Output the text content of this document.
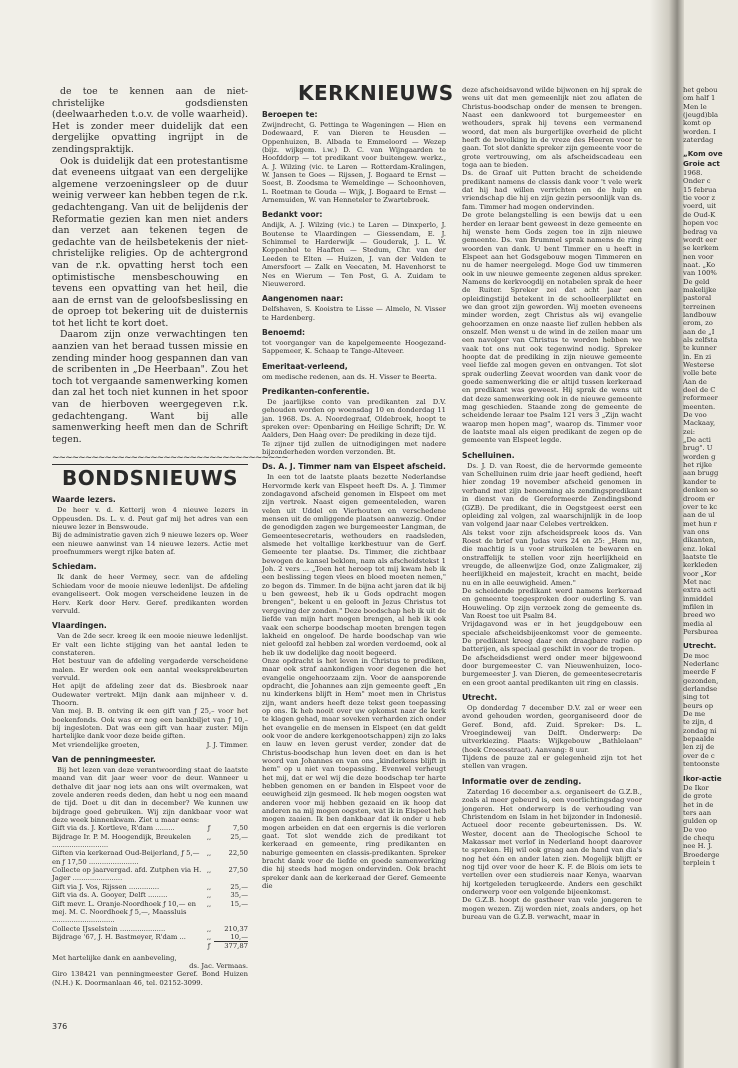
de toe te kennen aan de niet-christelijke godsdiensten (deelwaarheden t.o.v. de volle waarheid). Het is zonder meer duidelijk dat een dergelijke opvatting ingrijpt in de zendingspraktijk.

Ook is duidelijk dat een protestantisme dat eveneens uitgaat van een dergelijke algemene verzoeningsleer op de duur weinig verweer kan hebben tegen de r.k. gedachtengang. Van uit de belijdenis der Reformatie gezien kan men niet anders dan verzet aan tekenen tegen de gedachte van de heilsbetekenis der niet-christelijke religies. Op de achtergrond van de r.k. opvatting herst toch een optimistische mensbeschouwing en tevens een opvatting van het heil, die aan de ernst van de geloofsbeslissing en de oproep tot bekering uit de duisternis tot het licht te kort doet.

Daarom zijn onze verwachtingen ten aanzien van het beraad tussen missie en zending minder hoog gespannen dan van de scribenten in „De Heerbaan". Zou het toch tot vergaande samenwerking komen dan zal het toch niet kunnen in het spoor van de hierboven weergegeven r.k. gedachtengang. Want bij alle samenwerking heeft men dan de Schrift tegen.

~~~~~~~~~~~~~~~~~~~~~~~~~~~~~~~~~~~~
BONDSNIEUWS
Waarde lezers.

De heer v. d. Ketterij won 4 nieuwe lezers in Oppeusden. Ds. L. v. d. Peut gaf mij het adres van een nieuwe lezer in Benswoude.
Bij de administratie gaven zich 9 nieuwe lezers op. Weer een nieuwe aanwinst van 14 nieuwe lezers. Actie met proefnummers wergt rijke baten af.

Schiedam.

Ik dank de heer Vermey, secr. van de afdeling Schiedam voor de mooie nieuwe ledenlijst. De afdeling evangeliseert. Ook mogen verscheidene leuzen in de Herv. Kerk door Herv. Geref. predikanten worden vervuld.

Vlaardingen.

Van de 2de secr. kreeg ik een mooie nieuwe ledenlijst. Er valt een lichte stijging van het aantal leden te constateren.
Het bestuur van de afdeling vergaderde verscheidene malen. Er werden ook een aantal weeksprekbeurten vervuld.
Het apijt de afdeling zeer dat ds. Biesbroek naar Oudewater vertrekt. Mijn dank aan mijnheer v. d. Thoorn.
Van mej. B. B. ontving ik een gift van ƒ 25,– voor het boekenfonds. Ook was er nog een bankbiljet van ƒ 10,– bij ingesloten. Dat was een gift van haar zuster. Mijn hartelijke dank voor deze beide giften.

Met vriendelijke groeten,	J. J. Timmer.
Van de penningmeester.

Bij het lezen van deze verantwoording staat de laatste maand van dit jaar weer voor de deur. Wanneer u dethalve dit jaar nog iets aan ons wilt overmaken, wat zovele anderen reeds deden, dan hebt u nog een maand de tijd. Doet u dit dan in december? We kunnen uw bijdrage goed gebruiken. Wij zijn dankbaar voor wat deze week binnenkwam. Ziet u maar eens:

Gift via ds. J. Kortleve, R'dam .........	ƒ	7,50
Bijdrage Ir. P. M. Hoogendijk, Breukelen ..........................	,,	25,—
Giften via kerkeraad Oud-Beijerland, ƒ 5,— en ƒ 17,50 .......................	,,	22,50
Collecte op jaarvergad. afd. Zutphen via H. Jager .......................	,,	27,50
Gift via J. Vos, Rijssen ..............	,,	25,—
Gift via ds. A. Gooyer, Delft .........	,,	35,—
Gift mevr. L. Oranje-Noordhoek ƒ 10,— en mej. M. C. Noordhoek ƒ 5,—, Maassluis .............................	,,	15,—
Collecte IJsselstein .....................	,,	210,37
Bijdrage '67, J. H. Bastmeyer, R'dam ...	,,	10,—
	ƒ	377,87

Met hartelijke dank en aanbeveling,

ds. Jac. Vermaas.

Giro 138421 van penningmeester Geref. Bond Huizen (N.H.) K. Doormanlaan 46, tel. 02152-3099.

376
KERKNIEUWS
Beroepen te:

Zwijndrecht, G. Pettinga te Wageningen — Hien en Dodewaard, F. van Dieren te Heusden — Oppenhuizen, B. Albada te Emmeloord — Wezep (bijz. wijkgem. i.w.) D. C. van Wijngaarden te Hoofddorp — tot predikant voor buitengew. werkz., A. J. Wilzing (vic. te Laren — Rotterdam-Kralingen, W. Jansen te Goes — Rijssen, J. Bogaard te Ernst — Soest, B. Zoodsma te Wemeldinge — Schoonhoven, L. Roetman te Gouda — Wijk, J. Bogaard te Ernst — Arnemuiden, W. van Henneteler te Zwartebroek.

Bedankt voor:

Andijk, A. J. Wilzing (vic.) te Laren — Dinxperlo, J. Boutense te Vlaardingen — Giessendam, E. J. Schimmel te Harderwijk — Gouderak, J. L. W. Koppenhol te Haaften — Stedum, Chr. van der Leeden te Elten — Huizen, J. van der Velden te Amersfoort — Zalk en Veecaten, M. Havenhorst te Nes en Wierum — Ten Post, G. A. Zuidam te Nieuwerord.

Aangenomen naar:

Delfshaven, S. Kooistra te Lisse — Almelo, N. Visser te Hardenberg.

Benoemd:

tot voorganger van de kapelgemeente Hoogezand-Sappemeer, K. Schaap te Tange-Alteveer.

Emeritaat-verleend,

om medische redenen, aan ds. H. Visser te Beerta.

Predikanten-conferentie.

De jaarlijkse conto van predikanten zal D.V. gehouden worden op woensdag 10 en donderdag 11 jan. 1968. Ds. A. Noordegraaf, Oldebroek, hoopt te spreken over: Openbaring en Heilige Schrift; Dr. W. Aalders, Den Haag over: De prediking in deze tijd.
Te zijner tijd zullen de uitnodigingen met nadere bijzonderheden worden verzonden. Bt.

Ds. A. J. Timmer nam van Elspeet afscheid.

In een tot de laatste plaats bezette Nederlandse Hervormde kerk van Elspeet heeft Ds. A. J. Timmer zondagavond afscheid genomen in Elspeet om met zijn vertrek. Naast eigen gemeenteleden, waren velen uit Uddel en Vierhouten en verschedene mensen uit de omliggende plaatsen aanwezig. Onder de genodigden zagen we burgemeester Langman, de Gemeentesecretaris, wethouders en raadsleden, alsmede het voltallige kerkbestuur van de Gerf. Gemeente ter plaatse. Ds. Timmer, die zichtbaar bewogen de kansel beklom, nam als afscheidstekst 1 Joh. 2 vers ... „Toen het heroep tot mij kwam heb ik een beslissing tegen vlees en bloed moeten nemen," zo begon ds. Timmer. In de bijna acht jaren dat ik bij u ben geweest, heb ik u Gods opdracht mogen brengen", bekent u en gelooft in Jezus Christus tot vergeving der zonden." Deze boodschap heb ik uit de liefde van mijn hart mogen brengen, al heb ik ook vaak een scherpe boodschap moeten brengen tegen lakheid en ongeloof. De harde boodschap van wie niet geloofd zal hebben zal worden verdoemd, ook al heb ik uw dodelijke dag nooit begeerd.
Onze opdracht is het leven in Christus te prediken, maar ook straf aankondigen voor degenen die het evangelie ongehoorzaam zijn. Voor de aansporende opdracht, die Johannes aan zijn gemeente geeft „En nu kinderkens blijft in Hem" moet men in Christus zijn, want anders heeft deze tekst geen toepassing op ons. Ik heb nooit over uw opkomst naar de kerk te klagen gehad, maar soveken verharden zich onder het evangelie en de mensen in Elspeet (en dat geldt ook voor de andere kerkgenootschappen) zijn zo laks en lauw en leven gerust verder, zonder dat de Christus-boodschap hun leven doet en dan is het woord van Johannes en van ons „kinderkens blijft in hem" op u niet van toepassing. Evenwel verheugt het mij, dat er wel wij die deze boodschap ter harte hebben genomen en er banden in Elspeet voor de eeuwigheid zijn gesmeed. Ik heb mogen oogsten wat anderen voor mij hebben gezaaid en ik hoop dat anderen na mij mogen oogsten, wat ik in Elspeet heb mogen zaaien. Ik ben dankbaar dat ik onder u heb mogen arbeiden en dat een ergernis is die verloren gaat. Tot slot wendde zich de predikant tot kerkeraad en gemeente, ring predikanten en naburige gemeenten en classis-predikanten. Spreker bracht dank voor de liefde en goede samenwerking die hij steeds had mogen ondervinden. Ook bracht spreker dank aan de kerkeraad der Geref. Gemeente die

deze afscheidsavond wilde bijwonen en hij sprak de wens uit dat men gemeenlijk niet zou aflaten de Christus-boodschap onder de mensen te brengen. Naast een dankwoord tot burgemeester en wethouders, sprak hij tevens een vermanend woord, dat men als burgerlijke overheid de plicht heeft de bevolking in de vreze des Heeren voor te gaan. Tot slot dankte spreker zijn gemeente voor de grote vertrouwing, om als afscheidscadeau een toga aan te bieden.
Ds. de Graaf uit Putten bracht de scheidende predikant namens de classis dank voor 't vele werk dat hij had willen verrichten en de hulp en vriendschap die hij en zijn gezin persoonlijk van ds. fam. Timmer had mogen ondervinden.
De grote belangstelling is een bewijs dat u een herder en leraar bent geweest in deze gemeente en hij wenste hem Gods zegen toe in zijn nieuwe gemeente. Ds. van Brummel sprak namens de ring woorden van dank. U bent Timmer en u heeft in Elspeet aan het Godsgebouw mogen Timmeren en nu de hamer neergelegd. Moge God uw timmeren ook in uw nieuwe gemeente zegenen aldus spreker. Namens de kerkvoogdij en notabelen sprak de heer de Ruiter. Spreker zei dat acht jaar een opleidingstijd betekent in de schoolleerpliktet en we dan groot zijn geworden. Wij moeten eveneens minder worden, zegt Christus als wij evangelie gehoorzamen en onze naaste lief zullen hebben als onszelf. Men wenst u de wind in de zeilen maar um een navolger van Christus te worden hebben we vaak tot ons nut ook tegenwind nodig. Spreker hoopte dat de prediking in zijn nieuwe gemeente veel liefde zal mogen geven en ontvangen. Tot slot sprak ouderling Zeevat woorden van dank voor de goede samenwerking die er altijd tussen kerkeraad en predikant was geweest. Hij sprak de wens uit dat deze samenwerking ook in de nieuwe gemeente mag geschieden. Staande zong de gemeente de scheidende leraar toe Psalm 121 vers 3 „Zijn wacht waarop men hopen mag", waarop ds. Timmer voor de laatste maal als eigen predikant de zegen op de gemeente van Elspeet legde.

Schelluinen.

Ds. J. D. van Roest, die de hervormde gemeente van Schelluinen ruim drie jaar heeft gediend, heeft hier zondag 19 november afscheid genomen in verband met zijn benoeming als zendingspredikant in dienst van de Gereformeerde Zendingsbond (GZB). De predikant, die in Oegstgeest eerst een opleiding zal volgen, zal waarschijnlijk in de loop van volgend jaar naar Celebes vertrekken.
Als tekst voor zijn afscheidspreek koos ds. Van Roest de brief van Judas vers 24 en 25: „Hem nu, die machtig is u voor struikelen te bewaren en onstraffelijk te stellen voor zijn heerlijkheid en vreugde, de alleenwijze God, onze Zaligmaker, zij heerlijkheid en majesteit, kracht en macht, beide nu en in alle eeuwigheid. Amen."
De scheidende predikant werd namens kerkeraad en gemeente toegesproken door ouderling S. van Houweling. Op zijn verzoek zong de gemeente ds. Van Roest toe uit Psalm 84.
Vrijdagavond was er in het jeugdgebouw een speciale afscheidsbijeenkomst voor de gemeente. De predikant kreeg daar een draagbare radio op batterijen, als speciaal geschikt in voor de tropen.
De afscheidsdienst werd onder meer bijgewoond door burgemeester C. van Nieuwenhuizen, loco-burgemeester J. van Dieren, de gemeentesecretaris en een groot aantal predikanten uit ring en classis.

Utrecht.

Op donderdag 7 december D.V. zal er weer een avond gehouden worden, georganiseerd door de Geref. Bond, afd. Zuid. Spreker: Ds. L. Vroegindeweij van Delft. Onderwerp: De uitverkiezing. Plaats: Wijkgebouw „Bathlelaan" (hoek Croeesstraat). Aanvang: 8 uur.
Tijdens de pauze zal er gelegenheid zijn tot het stellen van vragen.

Informatie over de zending.

Zaterdag 16 december a.s. organiseert de G.Z.B., zoals al meer gebeurd is, een voorlichtingsdag voor jongeren. Het onderwerp is de verhouding van Christendom en Islam in het bijzonder in Indonesië. Actueel door recente gebeurtenissen. Ds. W. Wester, docent aan de Theologische School te Makassar met verlof in Nederland hoopt daarover te spreken. Hij wil ook graag aan de hand van dia's nog het één en ander laten zien. Mogelijk blijft er nog tijd over voor de heer K. F. de Blois om iets te vertellen over een studiereis naar Kenya, waarvan hij kortgeleden terugkeerde. Anders een geschikt onderwerp voor een volgende bijeenkomst.
De G.Z.B. hoopt de gastheer van vele jongeren te mogen wezen. Zij worden niet, zoals anders, op het bureau van de G.Z.B. verwacht, maar in

het gebou
om half 1
Men le
(jeugd)bla
komt op
worden. I
zaterdag
„Kom ove
Groie act
1968.
Onder c
15 februa
tie voor z
voerd, uit
de Oud-K
hopen voc
bedrag va
wordt eer
se kerkem
nen voor
naat. „Ko
van 100%
De geld
makelijke
pastoral
terreinen
landbouw
erom, zo
aan de „I
als zelfsta
te kunner
in. En zi
Westerse
volle bete
Aan de
deel de C
reformeer
meenten.
De voo
Mackaay,
zei:
„De acti
brug". U
worden g
het rijke
aan brugg
kander te
denken so
droom er
over te kc
aan de ul
met hun r
van ons
dikanten,
enz. lokal
laatste tle
kerkleden
voor „Kor
Met nac
extra acti
inmiddel
mfilen in
breed wo
media al
Persburea
Utrecht.
De moc
Nederlanc
meerde F
gezonden,
derlandse
sing tot
beurs op
De me
te zijn, d
zondag ni
bepaalde
len zij de
over de c
tentoonste
Ikor-actie
De Ikor
de grote
het in de
ters aan
gulden op
De voo
de chequ
nee H. J.
Broederge
terplein t
